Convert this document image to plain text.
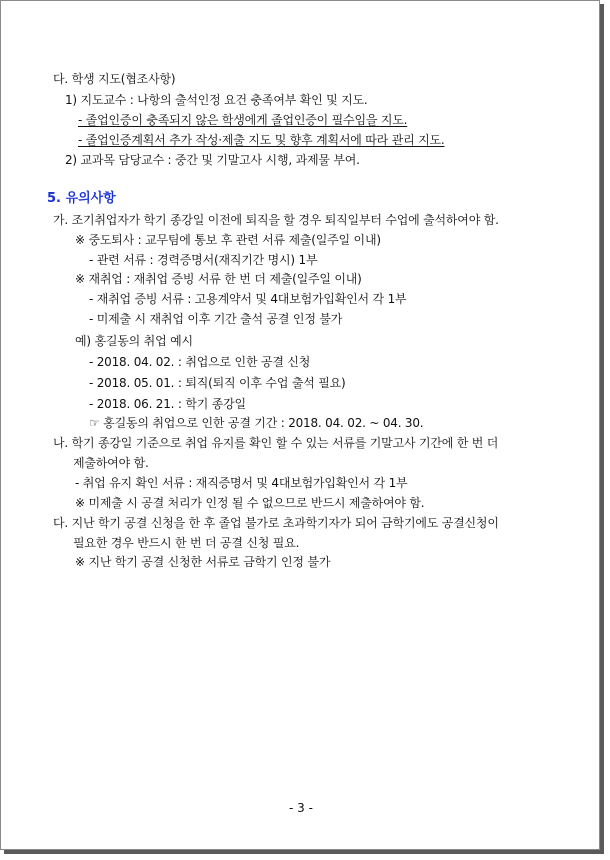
다. 학생 지도(협조사항)
1) 지도교수 : 나항의 출석인정 요건 충족여부 확인 및 지도.
- 졸업인증이 충족되지 않은 학생에게 졸업인증이 필수임을 지도.
- 졸업인증계획서 추가 작성·제출 지도 및 향후 계획서에 따라 관리 지도.
2) 교과목 담당교수 : 중간 및 기말고사 시행, 과제물 부여.
5. 유의사항
가. 조기취업자가 학기 종강일 이전에 퇴직을 할 경우 퇴직일부터 수업에 출석하여야 함.
※ 중도퇴사 : 교무팀에 통보 후 관련 서류 제출(일주일 이내)
- 관련 서류 : 경력증명서(재직기간 명시) 1부
※ 재취업 : 재취업 증빙 서류 한 번 더 제출(일주일 이내)
- 재취업 증빙 서류 : 고용계약서 및 4대보험가입확인서 각 1부
- 미제출 시 재취업 이후 기간 출석 공결 인정 불가
예) 홍길동의 취업 예시
- 2018. 04. 02. : 취업으로 인한 공결 신청
- 2018. 05. 01. : 퇴직(퇴직 이후 수업 출석 필요)
- 2018. 06. 21. : 학기 종강일
☞ 홍길동의 취업으로 인한 공결 기간 : 2018. 04. 02. ~ 04. 30.
나. 학기 종강일 기준으로 취업 유지를 확인 할 수 있는 서류를 기말고사 기간에 한 번 더
제출하여야 함.
- 취업 유지 확인 서류 : 재직증명서 및 4대보험가입확인서 각 1부
※ 미제출 시 공결 처리가 인정 될 수 없으므로 반드시 제출하여야 함.
다. 지난 학기 공결 신청을 한 후 졸업 불가로 초과학기자가 되어 금학기에도 공결신청이
필요한 경우 반드시 한 번 더 공결 신청 필요.
※ 지난 학기 공결 신청한 서류로 금학기 인정 불가
- 3 -
